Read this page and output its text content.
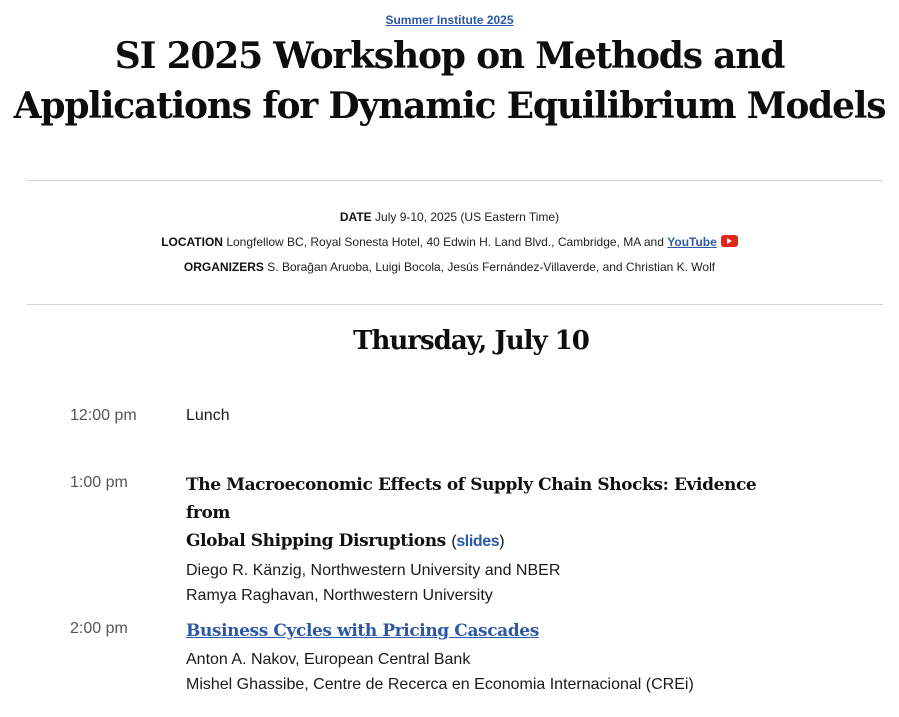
Summer Institute 2025
SI 2025 Workshop on Methods and
Applications for Dynamic Equilibrium Models
DATE July 9-10, 2025 (US Eastern Time)
LOCATION Longfellow BC, Royal Sonesta Hotel, 40 Edwin H. Land Blvd., Cambridge, MA and YouTube
ORGANIZERS S. Borağan Aruoba, Luigi Bocola, Jesús Fernández-Villaverde, and Christian K. Wolf
Thursday, July 10
12:00 pm	Lunch
1:00 pm	The Macroeconomic Effects of Supply Chain Shocks: Evidence from
Global Shipping Disruptions (slides)
Diego R. Känzig, Northwestern University and NBER
Ramya Raghavan, Northwestern University
2:00 pm	Business Cycles with Pricing Cascades
Anton A. Nakov, European Central Bank
Mishel Ghassibe, Centre de Recerca en Economia Internacional (CREi)
